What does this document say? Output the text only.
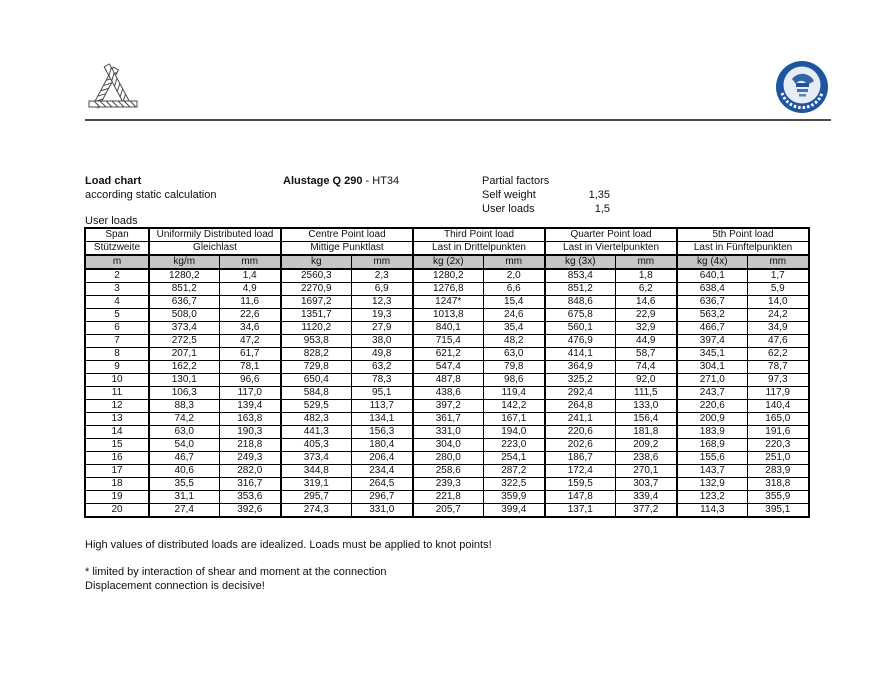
Load chart
according static calculation
Alustage Q 290 - HT34	Partial factors
Self weight	1,35
User loads	1,5
User loads
Span	Uniformily Distributed load		Centre Point load		Third Point load		Quarter Point load		5th Point load	
Stützweite	Gleichlast		Mittige Punktlast		Last in Drittelpunkten		Last in Viertelpunkten		Last in Fünftelpunkten	
m	kg/m	mm	kg	mm	kg (2x)	mm	kg (3x)	mm	kg (4x)	mm
2	1280,2	1,4	2560,3	2,3	1280,2	2,0	853,4	1,8	640,1	1,7
3	851,2	4,9	2270,9	6,9	1276,8	6,6	851,2	6,2	638,4	5,9
4	636,7	11,6	1697,2	12,3	1247*	15,4	848,6	14,6	636,7	14,0
5	508,0	22,6	1351,7	19,3	1013,8	24,6	675,8	22,9	563,2	24,2
6	373,4	34,6	1120,2	27,9	840,1	35,4	560,1	32,9	466,7	34,9
7	272,5	47,2	953,8	38,0	715,4	48,2	476,9	44,9	397,4	47,6
8	207,1	61,7	828,2	49,8	621,2	63,0	414,1	58,7	345,1	62,2
9	162,2	78,1	729,8	63,2	547,4	79,8	364,9	74,4	304,1	78,7
10	130,1	96,6	650,4	78,3	487,8	98,6	325,2	92,0	271,0	97,3
11	106,3	117,0	584,8	95,1	438,6	119,4	292,4	111,5	243,7	117,9
12	88,3	139,4	529,5	113,7	397,2	142,2	264,8	133,0	220,6	140,4
13	74,2	163,8	482,3	134,1	361,7	167,1	241,1	156,4	200,9	165,0
14	63,0	190,3	441,3	156,3	331,0	194,0	220,6	181,8	183,9	191,6
15	54,0	218,8	405,3	180,4	304,0	223,0	202,6	209,2	168,9	220,3
16	46,7	249,3	373,4	206,4	280,0	254,1	186,7	238,6	155,6	251,0
17	40,6	282,0	344,8	234,4	258,6	287,2	172,4	270,1	143,7	283,9
18	35,5	316,7	319,1	264,5	239,3	322,5	159,5	303,7	132,9	318,8
19	31,1	353,6	295,7	296,7	221,8	359,9	147,8	339,4	123,2	355,9
20	27,4	392,6	274,3	331,0	205,7	399,4	137,1	377,2	114,3	395,1
High values of distributed loads are idealized. Loads must be applied to knot points!
* limited by interaction of shear and moment at the connection
Displacement connection is decisive!
